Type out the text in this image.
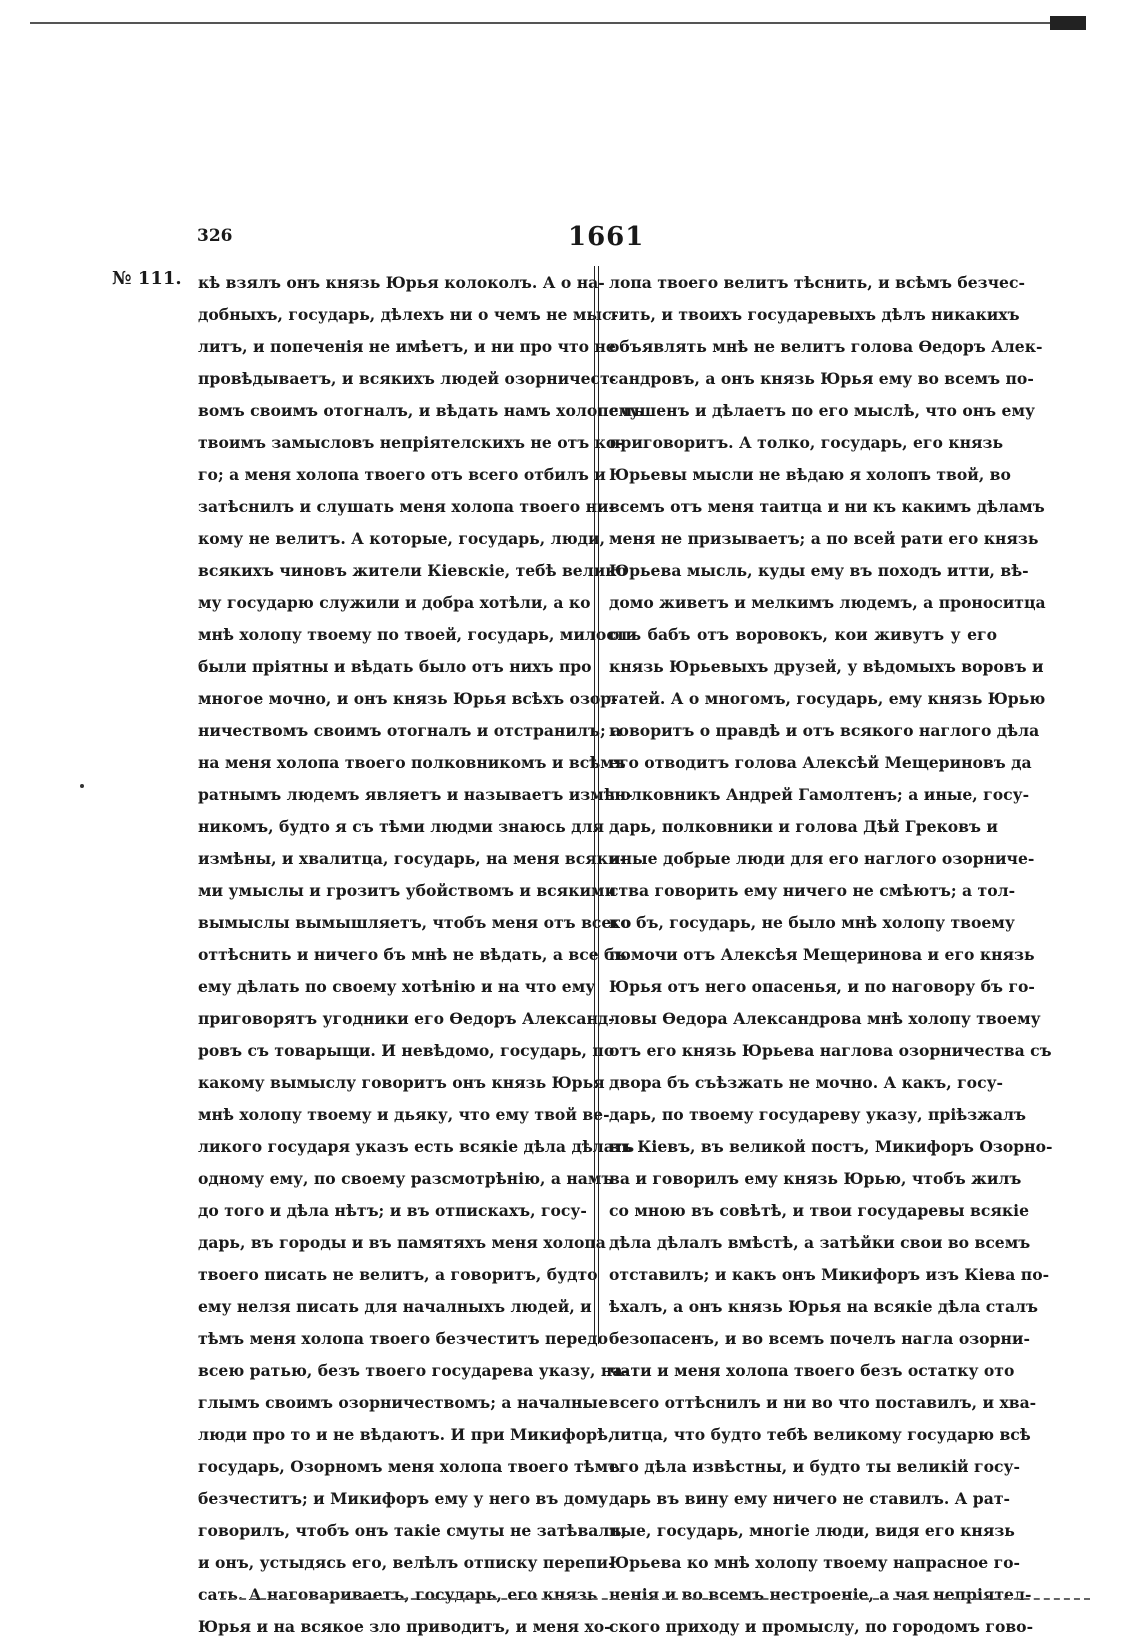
326	1661
№ 111. кѣ взялъ онъ князь Юрья колоколъ. А о на-
добныхъ, государь, дѣлехъ ни о чемъ не мыс-
литъ, и попеченія не имѣетъ, и ни про что не
провѣдываетъ, и всякихъ людей озорничест-
вомъ своимъ отогналъ, и вѣдать намъ холопемъ
твоимъ замысловъ непріятелскихъ не отъ ко-
го; а меня холопа твоего отъ всего отбилъ и
затѣснилъ и слушать меня холопа твоего ни-
кому не велитъ. А которые, государь, люди,
всякихъ чиновъ жители Кіевскіе, тебѣ велико
му государю служили и добра хотѣли, а ко
мнѣ холопу твоему по твоей, государь, милости
были пріятны и вѣдать было отъ нихъ про
многое мочно, и онъ князь Юрья всѣхъ озор-
ничествомъ своимъ отогналъ и отстранилъ; а
на меня холопа твоего полковникомъ и всѣмъ
ратнымъ людемъ являетъ и называетъ измѣн-
никомъ, будто я съ тѣми людми знаюсь для
измѣны, и хвалитца, государь, на меня всяки-
ми умыслы и грозитъ убойствомъ и всякими
вымыслы вымышляетъ, чтобъ меня отъ всего
оттѣснить и ничего бъ мнѣ не вѣдать, а все бъ
ему дѣлать по своему хотѣнію и на что ему
приговорятъ угодники его Өедоръ Александ-
ровъ съ товарыщи. И невѣдомо, государь, по
какому вымыслу говоритъ онъ князь Юрья
мнѣ холопу твоему и дьяку, что ему твой ве-
ликого государя указъ есть всякіе дѣла дѣлать
одному ему, по своему разсмотрѣнію, а намъ
до того и дѣла нѣтъ; и въ отпискахъ, госу-
дарь, въ городы и въ памятяхъ меня холопа
твоего писать не велитъ, а говоритъ, будто
ему нелзя писать для началныхъ людей, и
тѣмъ меня холопа твоего безчеститъ передо
всею ратью, безъ твоего государева указу, на-
глымъ своимъ озорничествомъ; а началные
люди про то и не вѣдаютъ. И при Микифорѣ,
государь, Озорномъ меня холопа твоего тѣмъ
безчеститъ; и Микифоръ ему у него въ дому
говорилъ, чтобъ онъ такіе смуты не затѣвалъ,
и онъ, устыдясь его, велѣлъ отписку перепи-
сать. А наговариваетъ, государь, его князь
Юрья и на всякое зло приводитъ, и меня хо-
лопа твоего велитъ тѣснить, и всѣмъ безчес-
тить, и твоихъ государевыхъ дѣлъ никакихъ
объявлять мнѣ не велитъ голова Өедоръ Алек-
сандровъ, а онъ князь Юрья ему во всемъ по-
слушенъ и дѣлаетъ по его мыслѣ, что онъ ему
приговоритъ. А толко, государь, его князь
Юрьевы мысли не вѣдаю я холопъ твой, во
всемъ отъ меня таитца и ни къ какимъ дѣламъ
меня не призываетъ; а по всей рати его князь
Юрьева мысль, куды ему въ походъ итти, вѣ-
домо живетъ и мелкимъ людемъ, а проноситца
отъ бабъ отъ воровокъ, кои живутъ у его
князь Юрьевыхъ друзей, у вѣдомыхъ воровъ и
татей. А о многомъ, государь, ему князь Юрью
говоритъ о правдѣ и отъ всякого наглого дѣла
его отводитъ голова Алексѣй Мещериновъ да
полковникъ Андрей Гамолтенъ; а иные, госу-
дарь, полковники и голова Дѣй Грековъ и
иные добрые люди для его наглого озорниче-
ства говорить ему ничего не смѣютъ; а тол-
ко бъ, государь, не было мнѣ холопу твоему
помочи отъ Алексѣя Мещеринова и его князь
Юрья отъ него опасенья, и по наговору бъ го-
ловы Өедора Александрова мнѣ холопу твоему
отъ его князь Юрьева наглова озорничества съ
двора бъ съѣзжать не мочно. А какъ, госу-
дарь, по твоему государеву указу, пріѣзжалъ
въ Кіевъ, въ великой постъ, Микифоръ Озорно-
ва и говорилъ ему князь Юрью, чтобъ жилъ
со мною въ совѣтѣ, и твои государевы всякіе
дѣла дѣлалъ вмѣстѣ, а затѣйки свои во всемъ
отставилъ; и какъ онъ Микифоръ изъ Кіева по-
ѣхалъ, а онъ князь Юрья на всякіе дѣла сталъ
безопасенъ, и во всемъ почелъ нагла озорни-
чати и меня холопа твоего безъ остатку ото
всего оттѣснилъ и ни во что поставилъ, и хва-
литца, что будто тебѣ великому государю всѣ
его дѣла извѣстны, и будто ты великій госу-
дарь въ вину ему ничего не ставилъ. А рат-
ные, государь, многіе люди, видя его князь
Юрьева ко мнѣ холопу твоему напрасное го-
ненія и во всемъ нестроеніе, а чая непріятел-
ского приходу и промыслу, по городомъ гово-
